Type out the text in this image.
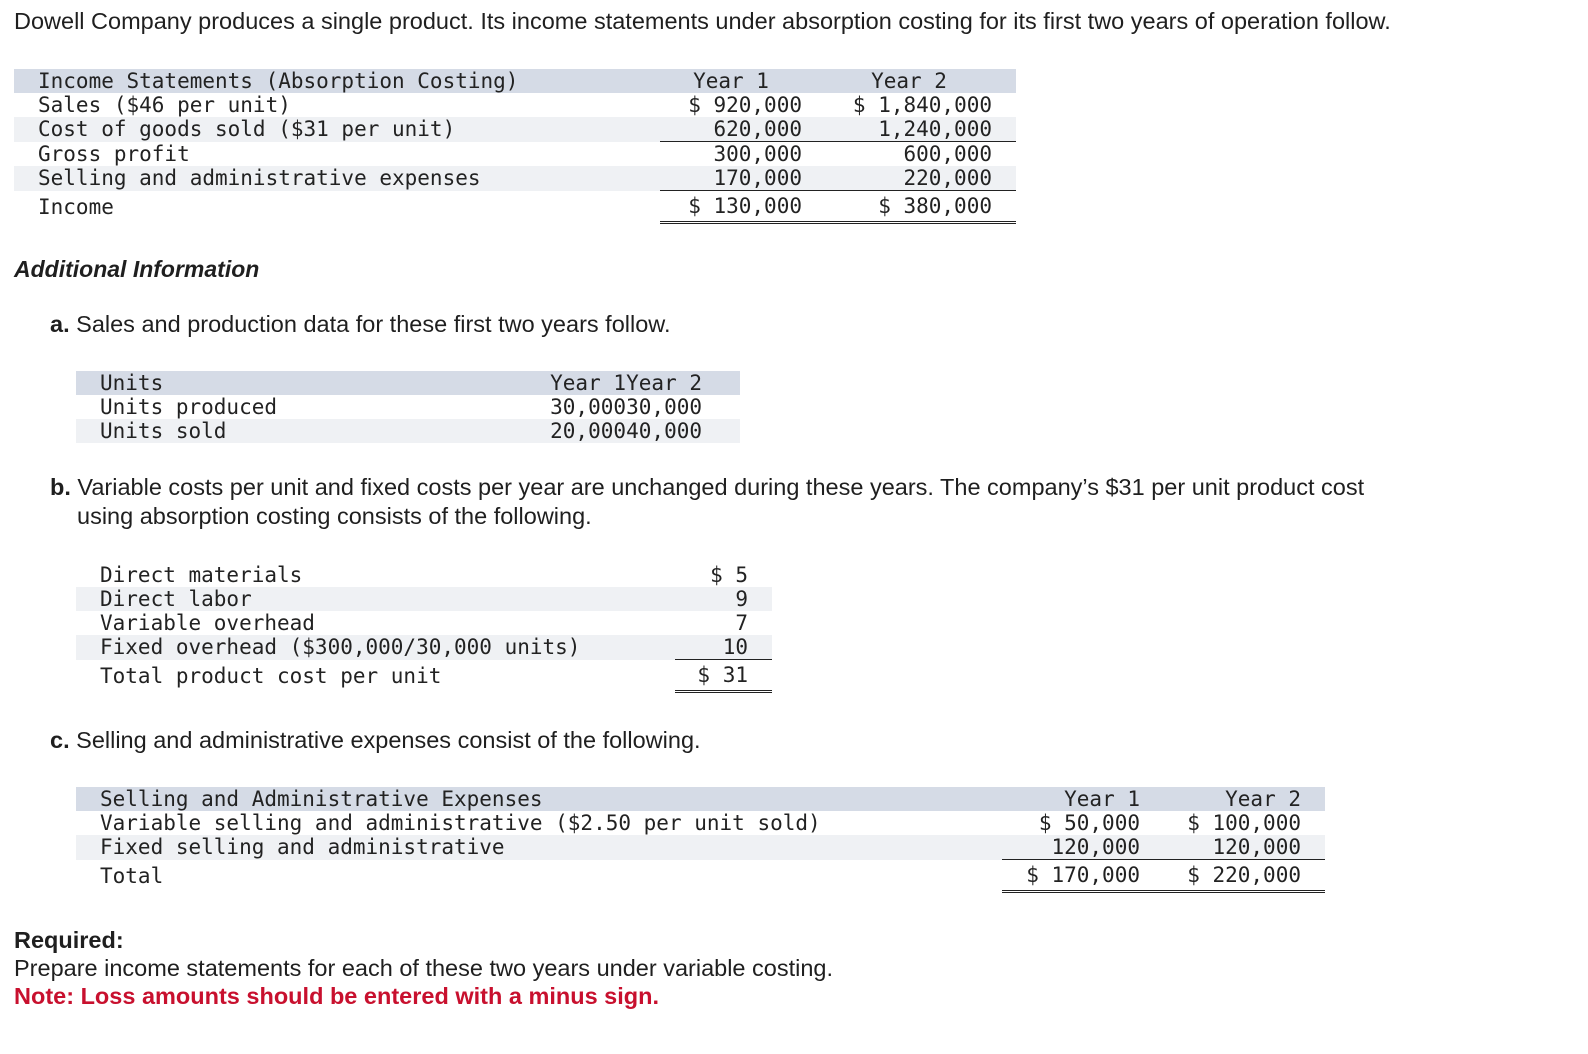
Dowell Company produces a single product. Its income statements under absorption costing for its first two years of operation follow.
Income Statements (Absorption Costing)	Year 1	Year 2
Sales ($46 per unit)	$ 920,000	$ 1,840,000
Cost of goods sold ($31 per unit)	620,000	1,240,000
Gross profit	300,000	600,000
Selling and administrative expenses	170,000	220,000
Income	$ 130,000	$ 380,000
Additional Information
a. Sales and production data for these first two years follow.
Units	Year 1	Year 2
Units produced	30,000	30,000
Units sold	20,000	40,000
b. Variable costs per unit and fixed costs per year are unchanged during these years. The company’s $31 per unit product cost
using absorption costing consists of the following.
Direct materials	$ 5
Direct labor	9
Variable overhead	7
Fixed overhead ($300,000/30,000 units)	10
Total product cost per unit	$ 31
c. Selling and administrative expenses consist of the following.
Selling and Administrative Expenses	Year 1	Year 2
Variable selling and administrative ($2.50 per unit sold)	$ 50,000	$ 100,000
Fixed selling and administrative	120,000	120,000
Total	$ 170,000	$ 220,000
Required:
Prepare income statements for each of these two years under variable costing.
Note: Loss amounts should be entered with a minus sign.
